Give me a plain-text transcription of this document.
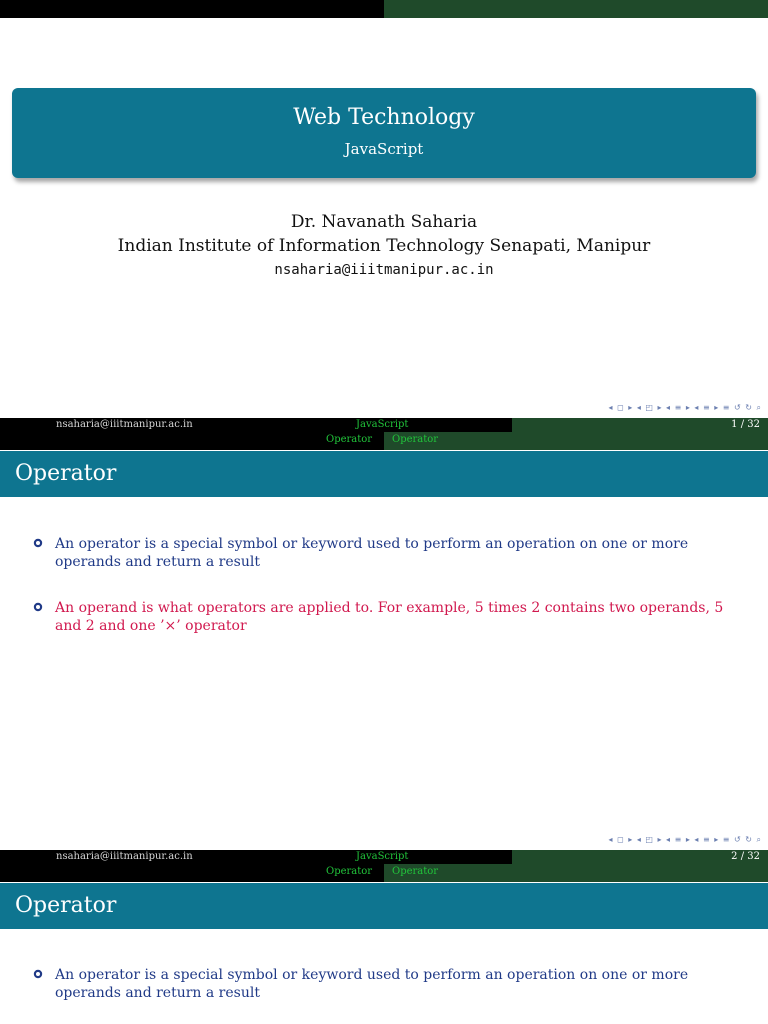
Web Technology
JavaScript
Dr. Navanath Saharia
Indian Institute of Information Technology Senapati, Manipur
nsaharia@iiitmanipur.ac.in
◂ ◻ ▸ ◂ ◰ ▸ ◂ ≡ ▸ ◂ ≡ ▸ ≡ ↺ ↻ ⌕
nsaharia@iiitmanipur.ac.in	JavaScript	1 / 32
Operator Operator
Operator
An operator is a special symbol or keyword used to perform an operation on one or more operands and return a result
An operand is what operators are applied to. For example, 5 times 2 contains two operands, 5 and 2 and one ’×’ operator
◂ ◻ ▸ ◂ ◰ ▸ ◂ ≡ ▸ ◂ ≡ ▸ ≡ ↺ ↻ ⌕
nsaharia@iiitmanipur.ac.in	JavaScript	2 / 32
Operator Operator
Operator
An operator is a special symbol or keyword used to perform an operation on one or more operands and return a result
